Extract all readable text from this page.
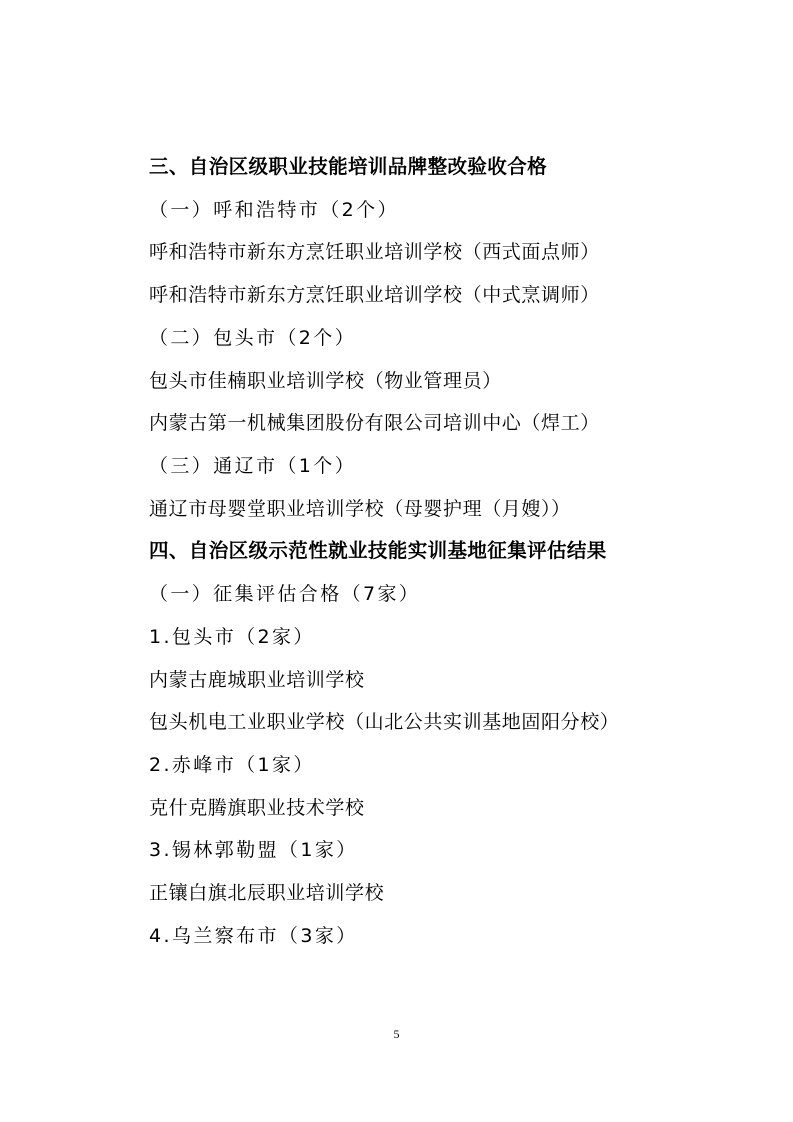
三、自治区级职业技能培训品牌整改验收合格
（一）呼和浩特市（2个）
呼和浩特市新东方烹饪职业培训学校（西式面点师）
呼和浩特市新东方烹饪职业培训学校（中式烹调师）
（二）包头市（2个）
包头市佳楠职业培训学校（物业管理员）
内蒙古第一机械集团股份有限公司培训中心（焊工）
（三）通辽市（1个）
通辽市母婴堂职业培训学校（母婴护理（月嫂））
四、自治区级示范性就业技能实训基地征集评估结果
（一）征集评估合格（7家）
1.包头市（2家）
内蒙古鹿城职业培训学校
包头机电工业职业学校（山北公共实训基地固阳分校）
2.赤峰市（1家）
克什克腾旗职业技术学校
3.锡林郭勒盟（1家）
正镶白旗北辰职业培训学校
4.乌兰察布市（3家）
5
